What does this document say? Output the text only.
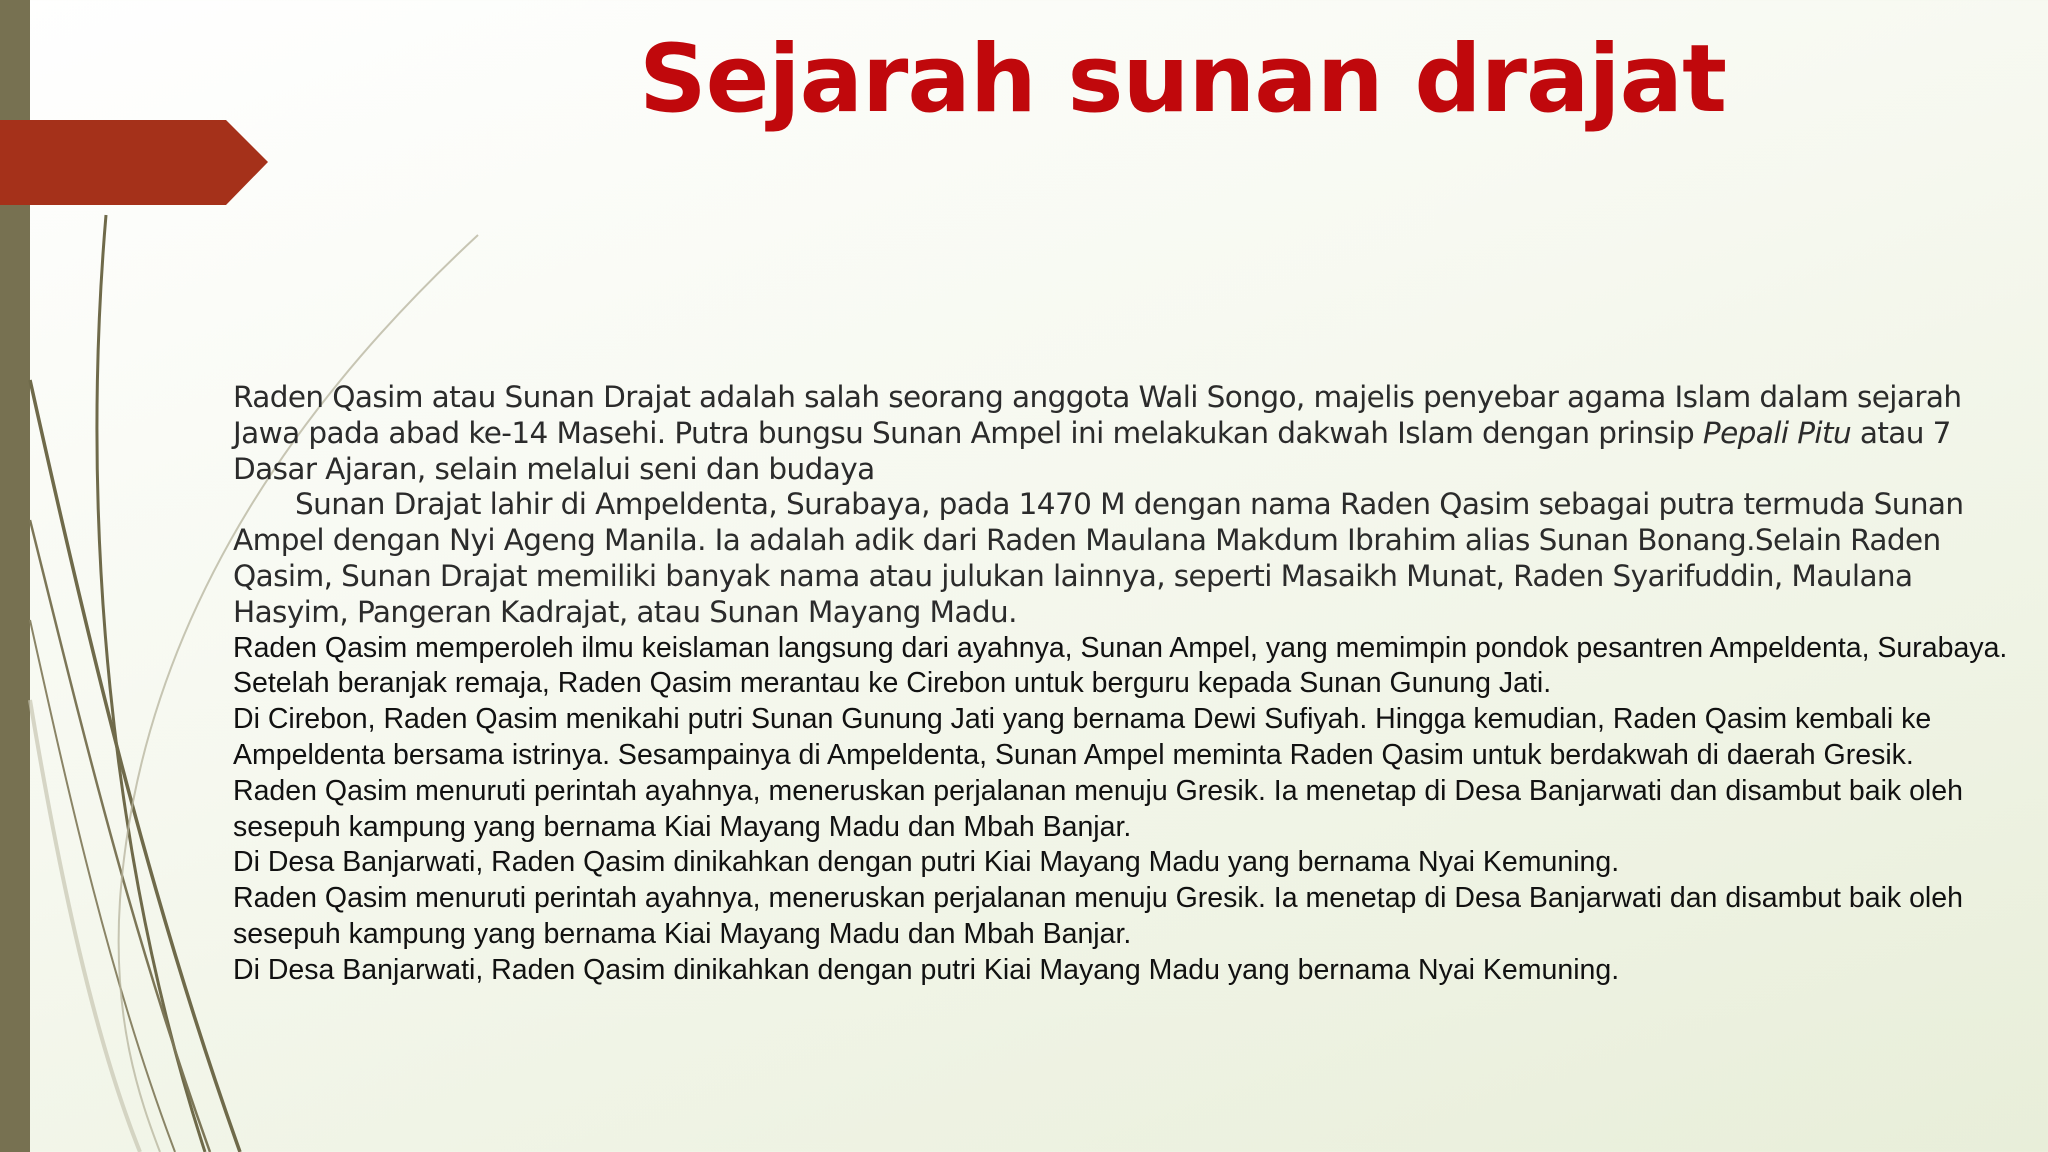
Sejarah sunan drajat

Raden Qasim atau Sunan Drajat adalah salah seorang anggota Wali Songo, majelis penyebar agama Islam dalam sejarah Jawa pada abad ke-14 Masehi. Putra bungsu Sunan Ampel ini melakukan dakwah Islam dengan prinsip Pepali Pitu atau 7 Dasar Ajaran, selain melalui seni dan budaya

Sunan Drajat lahir di Ampeldenta, Surabaya, pada 1470 M dengan nama Raden Qasim sebagai putra termuda Sunan Ampel dengan Nyi Ageng Manila. Ia adalah adik dari Raden Maulana Makdum Ibrahim alias Sunan Bonang.Selain Raden Qasim, Sunan Drajat memiliki banyak nama atau julukan lainnya, seperti Masaikh Munat, Raden Syarifuddin, Maulana Hasyim, Pangeran Kadrajat, atau Sunan Mayang Madu.

Raden Qasim memperoleh ilmu keislaman langsung dari ayahnya, Sunan Ampel, yang memimpin pondok pesantren Ampeldenta, Surabaya. Setelah beranjak remaja, Raden Qasim merantau ke Cirebon untuk berguru kepada Sunan Gunung Jati.

Di Cirebon, Raden Qasim menikahi putri Sunan Gunung Jati yang bernama Dewi Sufiyah. Hingga kemudian, Raden Qasim kembali ke Ampeldenta bersama istrinya. Sesampainya di Ampeldenta, Sunan Ampel meminta Raden Qasim untuk berdakwah di daerah Gresik.

Raden Qasim menuruti perintah ayahnya, meneruskan perjalanan menuju Gresik. Ia menetap di Desa Banjarwati dan disambut baik oleh sesepuh kampung yang bernama Kiai Mayang Madu dan Mbah Banjar.

Di Desa Banjarwati, Raden Qasim dinikahkan dengan putri Kiai Mayang Madu yang bernama Nyai Kemuning.

Raden Qasim menuruti perintah ayahnya, meneruskan perjalanan menuju Gresik. Ia menetap di Desa Banjarwati dan disambut baik oleh sesepuh kampung yang bernama Kiai Mayang Madu dan Mbah Banjar.

Di Desa Banjarwati, Raden Qasim dinikahkan dengan putri Kiai Mayang Madu yang bernama Nyai Kemuning.
